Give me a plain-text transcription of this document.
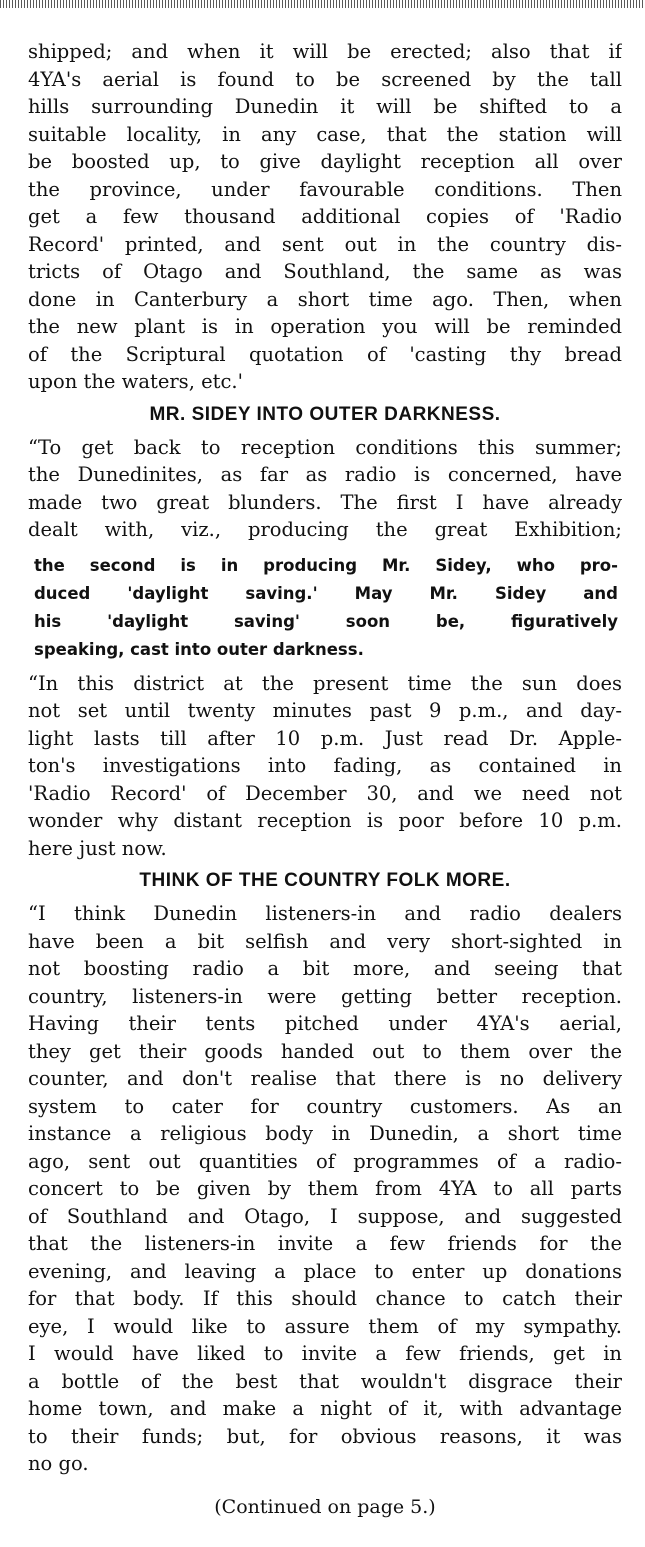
shipped; and when it will be erected; also that if
4YA's aerial is found to be screened by the tall
hills surrounding Dunedin it will be shifted to a
suitable locality, in any case, that the station will
be boosted up, to give daylight reception all over
the province, under favourable conditions. Then
get a few thousand additional copies of 'Radio
Record' printed, and sent out in the country dis-
tricts of Otago and Southland, the same as was
done in Canterbury a short time ago. Then, when
the new plant is in operation you will be reminded
of the Scriptural quotation of 'casting thy bread
upon the waters, etc.'
MR. SIDEY INTO OUTER DARKNESS.
“To get back to reception conditions this summer;
the Dunedinites, as far as radio is concerned, have
made two great blunders. The first I have already
dealt with, viz., producing the great Exhibition;
the second is in producing Mr. Sidey, who pro-
duced 'daylight saving.' May Mr. Sidey and
his 'daylight saving' soon be, figuratively
speaking, cast into outer darkness.
“In this district at the present time the sun does
not set until twenty minutes past 9 p.m., and day-
light lasts till after 10 p.m. Just read Dr. Apple-
ton's investigations into fading, as contained in
'Radio Record' of December 30, and we need not
wonder why distant reception is poor before 10 p.m.
here just now.
THINK OF THE COUNTRY FOLK MORE.
“I think Dunedin listeners-in and radio dealers
have been a bit selfish and very short-sighted in
not boosting radio a bit more, and seeing that
country, listeners-in were getting better reception.
Having their tents pitched under 4YA's aerial,
they get their goods handed out to them over the
counter, and don't realise that there is no delivery
system to cater for country customers. As an
instance a religious body in Dunedin, a short time
ago, sent out quantities of programmes of a radio-
concert to be given by them from 4YA to all parts
of Southland and Otago, I suppose, and suggested
that the listeners-in invite a few friends for the
evening, and leaving a place to enter up donations
for that body. If this should chance to catch their
eye, I would like to assure them of my sympathy.
I would have liked to invite a few friends, get in
a bottle of the best that wouldn't disgrace their
home town, and make a night of it, with advantage
to their funds; but, for obvious reasons, it was
no go.
(Continued on page 5.)
